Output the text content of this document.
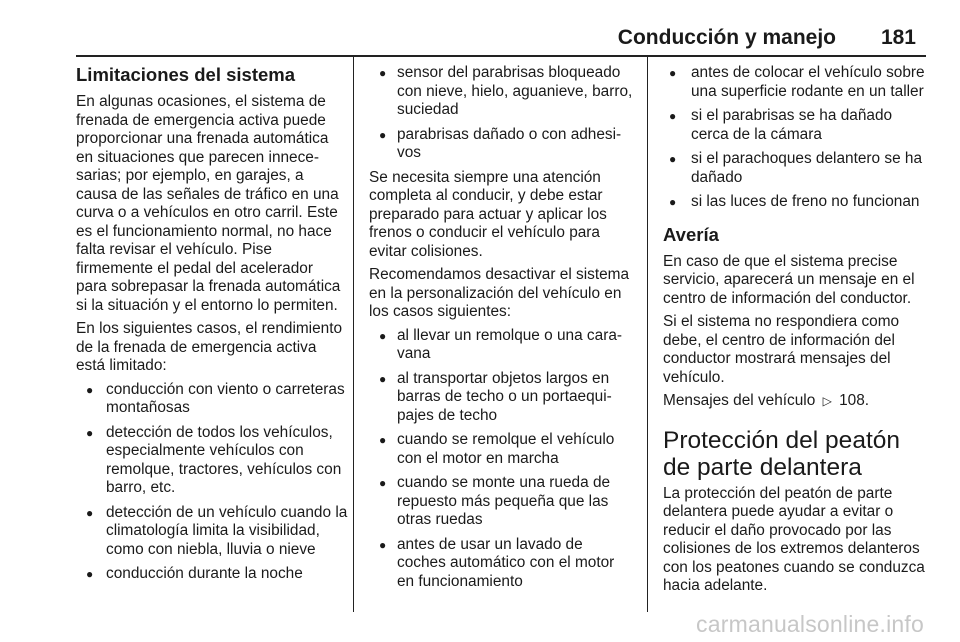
Conducción y manejo 181
Limitaciones del sistema

En algunas ocasiones, el sistema de frenada de emergencia activa puede proporcionar una frenada automática en situaciones que parecen innecesarias; por ejemplo, en garajes, a causa de las señales de tráfico en una curva o a vehículos en otro carril. Este es el funcionamiento normal, no hace falta revisar el vehículo. Pise firmemente el pedal del acelerador para sobrepasar la frenada automática si la situación y el entorno lo permiten.

En los siguientes casos, el rendimiento de la frenada de emergencia activa está limitado:

● conducción con viento o carreteras montañosas
● detección de todos los vehículos, especialmente vehículos con remolque, tractores, vehículos con barro, etc.
● detección de un vehículo cuando la climatología limita la visibilidad, como con niebla, lluvia o nieve
● conducción durante la noche
● sensor del parabrisas bloqueado con nieve, hielo, aguanieve, barro, suciedad
● parabrisas dañado o con adhesivos

Se necesita siempre una atención completa al conducir, y debe estar preparado para actuar y aplicar los frenos o conducir el vehículo para evitar colisiones.

Recomendamos desactivar el sistema en la personalización del vehículo en los casos siguientes:

● al llevar un remolque o una caravana
● al transportar objetos largos en barras de techo o un portaequipajes de techo
● cuando se remolque el vehículo con el motor en marcha
● cuando se monte una rueda de repuesto más pequeña que las otras ruedas
● antes de usar un lavado de coches automático con el motor en funcionamiento
● antes de colocar el vehículo sobre una superficie rodante en un taller
● si el parabrisas se ha dañado cerca de la cámara
● si el parachoques delantero se ha dañado
● si las luces de freno no funcionan
Avería

En caso de que el sistema precise servicio, aparecerá un mensaje en el centro de información del conductor.

Si el sistema no respondiera como debe, el centro de información del conductor mostrará mensajes del vehículo.

Mensajes del vehículo ▷ 108.

Protección del peatón de parte delantera

La protección del peatón de parte delantera puede ayudar a evitar o reducir el daño provocado por las colisiones de los extremos delanteros con los peatones cuando se conduzca hacia adelante.

carmanualsonline.info
